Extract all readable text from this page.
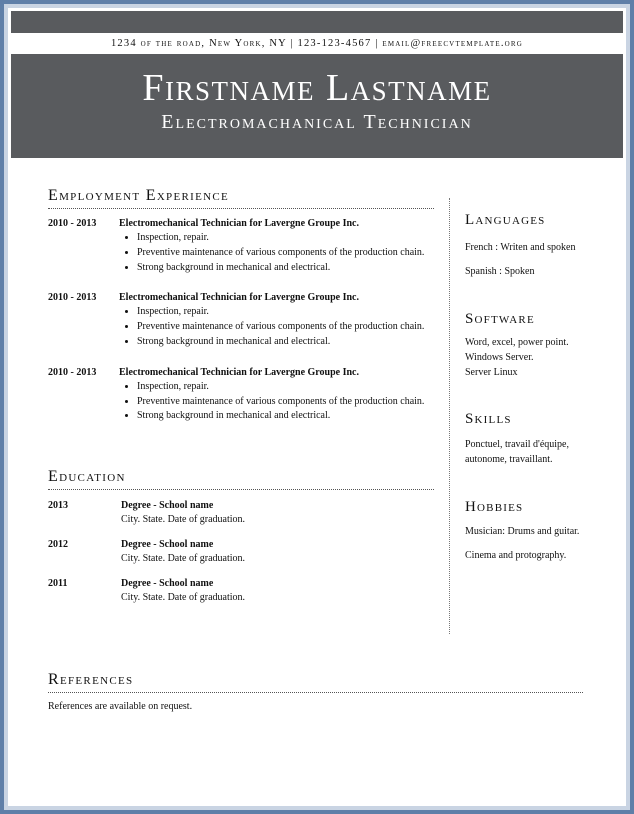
1234 of the road, New York, NY | 123-123-4567 | email@freecvtemplate.org
Firstname Lastname
Electromachanical Technician
Employment Experience
2010 - 2013	Electromechanical Technician for Lavergne Groupe Inc.
• Inspection, repair.
• Preventive maintenance of various components of the production chain.
• Strong background in mechanical and electrical.
2010 - 2013	Electromechanical Technician for Lavergne Groupe Inc.
• Inspection, repair.
• Preventive maintenance of various components of the production chain.
• Strong background in mechanical and electrical.
2010 - 2013	Electromechanical Technician for Lavergne Groupe Inc.
• Inspection, repair.
• Preventive maintenance of various components of the production chain.
• Strong background in mechanical and electrical.
Education
2013	Degree - School name
City. State. Date of graduation.
2012	Degree - School name
City. State. Date of graduation.
2011	Degree - School name
City. State. Date of graduation.
Languages
French : Writen and spoken
Spanish : Spoken
Software
Word, excel, power point.
Windows Server.
Server Linux
Skills
Ponctuel, travail d'équipe, autonome, travaillant.
Hobbies
Musician: Drums and guitar.
Cinema and protography.
References
References are available on request.
